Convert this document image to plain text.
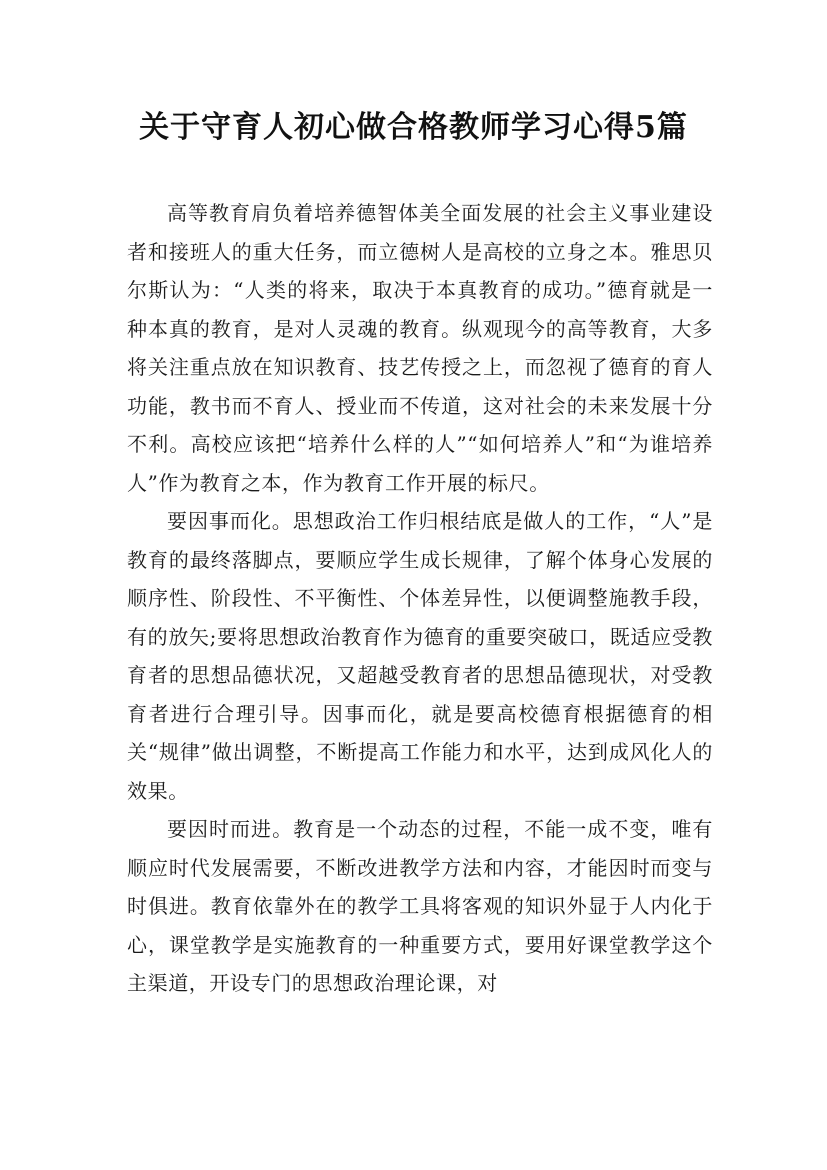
关于守育人初心做合格教师学习心得5篇

高等教育肩负着培养德智体美全面发展的社会主义事业建设者和接班人的重大任务，而立德树人是高校的立身之本。雅思贝尔斯认为：“人类的将来，取决于本真教育的成功。”德育就是一种本真的教育，是对人灵魂的教育。纵观现今的高等教育，大多将关注重点放在知识教育、技艺传授之上，而忽视了德育的育人功能，教书而不育人、授业而不传道，这对社会的未来发展十分不利。高校应该把“培养什么样的人”“如何培养人”和“为谁培养人”作为教育之本，作为教育工作开展的标尺。

要因事而化。思想政治工作归根结底是做人的工作，“人”是教育的最终落脚点，要顺应学生成长规律，了解个体身心发展的顺序性、阶段性、不平衡性、个体差异性，以便调整施教手段，有的放矢;要将思想政治教育作为德育的重要突破口，既适应受教育者的思想品德状况，又超越受教育者的思想品德现状，对受教育者进行合理引导。因事而化，就是要高校德育根据德育的相关“规律”做出调整，不断提高工作能力和水平，达到成风化人的效果。

要因时而进。教育是一个动态的过程，不能一成不变，唯有顺应时代发展需要，不断改进教学方法和内容，才能因时而变与时俱进。教育依靠外在的教学工具将客观的知识外显于人内化于心，课堂教学是实施教育的一种重要方式，要用好课堂教学这个主渠道，开设专门的思想政治理论课，对
